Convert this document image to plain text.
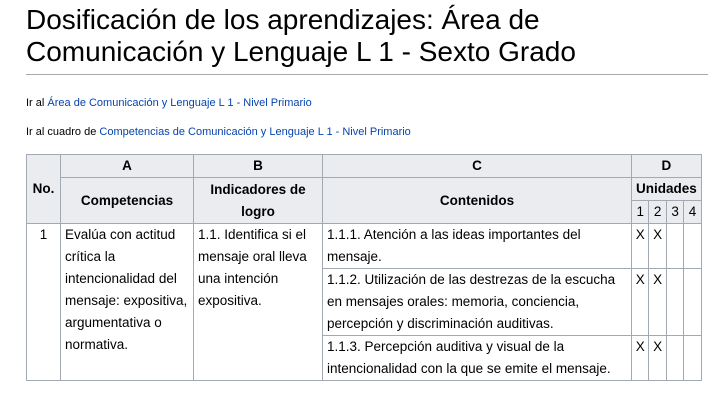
Dosificación de los aprendizajes: Área de Comunicación y Lenguaje L 1 - Sexto Grado
Ir al Área de Comunicación y Lenguaje L 1 - Nivel Primario
Ir al cuadro de Competencias de Comunicación y Lenguaje L 1 - Nivel Primario
No.	A	B	C	D			
	Competencias	Indicadores de logro	Contenidos	Unidades			
				1	2	3	4
1	Evalúa con actitud crítica la intencionalidad del mensaje: expositiva, argumentativa o normativa.	1.1. Identifica si el mensaje oral lleva una intención expositiva.	1.1.1. Atención a las ideas importantes del mensaje.	X	X		
			1.1.2. Utilización de las destrezas de la escucha en mensajes orales: memoria, conciencia, percepción y discriminación auditivas.	X	X		
			1.1.3. Percepción auditiva y visual de la intencionalidad con la que se emite el mensaje.	X	X		
